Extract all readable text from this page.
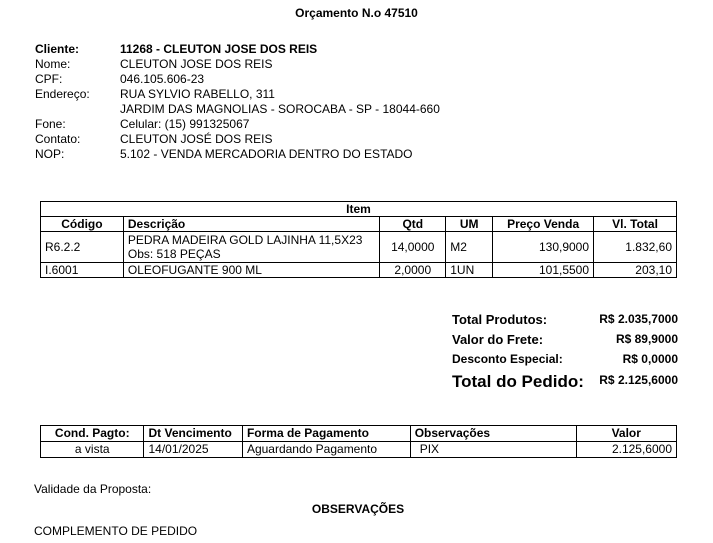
Orçamento N.o 47510
Cliente:	11268 - CLEUTON JOSE DOS REIS
Nome:	CLEUTON JOSE DOS REIS
CPF:	046.105.606-23
Endereço:	RUA SYLVIO RABELLO, 311
JARDIM DAS MAGNOLIAS - SOROCABA - SP - 18044-660
Fone:	Celular: (15) 991325067
Contato:	CLEUTON JOSÉ DOS REIS
NOP:	5.102 - VENDA MERCADORIA DENTRO DO ESTADO
Item					
Código	Descrição	Qtd	UM	Preço Venda	Vl. Total
R6.2.2	PEDRA MADEIRA GOLD LAJINHA 11,5X23
Obs: 518 PEÇAS	14,0000	M2	130,9000	1.832,60
I.6001	OLEOFUGANTE 900 ML	2,0000	1UN	101,5500	203,10
Total Produtos:	R$ 2.035,7000
Valor do Frete:	R$ 89,9000
Desconto Especial:	R$ 0,0000
Total do Pedido: R$ 2.125,6000
Cond. Pagto:	Dt Vencimento	Forma de Pagamento	Observações	Valor
a vista	14/01/2025	Aguardando Pagamento	PIX	2.125,6000
Validade da Proposta:
OBSERVAÇÕES
COMPLEMENTO DE PEDIDO
